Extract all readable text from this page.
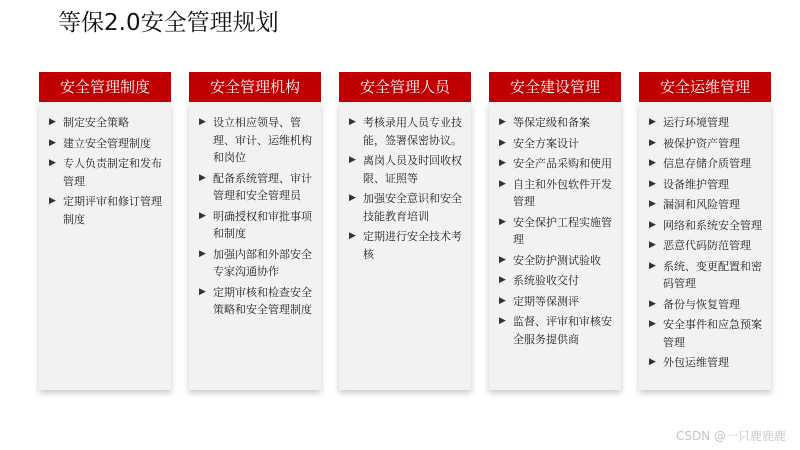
等保2.0安全管理规划
安全管理制度
▶ 制定安全策略
▶ 建立安全管理制度
▶ 专人负责制定和发布管理
▶ 定期评审和修订管理制度
安全管理机构
▶ 设立相应领导、管理、审计、运维机构和岗位
▶ 配备系统管理、审计管理和安全管理员
▶ 明确授权和审批事项和制度
▶ 加强内部和外部安全专家沟通协作
▶ 定期审核和检查安全策略和安全管理制度
安全管理人员
▶ 考核录用人员专业技能，签署保密协议。
▶ 离岗人员及时回收权限、证照等
▶ 加强安全意识和安全技能教育培训
▶ 定期进行安全技术考核
安全建设管理
▶ 等保定级和备案
▶ 安全方案设计
▶ 安全产品采购和使用
▶ 自主和外包软件开发管理
▶ 安全保护工程实施管理
▶ 安全防护测试验收
▶ 系统验收交付
▶ 定期等保测评
▶ 监督、评审和审核安全服务提供商
安全运维管理
▶ 运行环境管理
▶ 被保护资产管理
▶ 信息存储介质管理
▶ 设备维护管理
▶ 漏洞和风险管理
▶ 网络和系统安全管理
▶ 恶意代码防范管理
▶ 系统、变更配置和密码管理
▶ 备份与恢复管理
▶ 安全事件和应急预案管理
▶ 外包运维管理
CSDN @一只鹿鹿鹿
